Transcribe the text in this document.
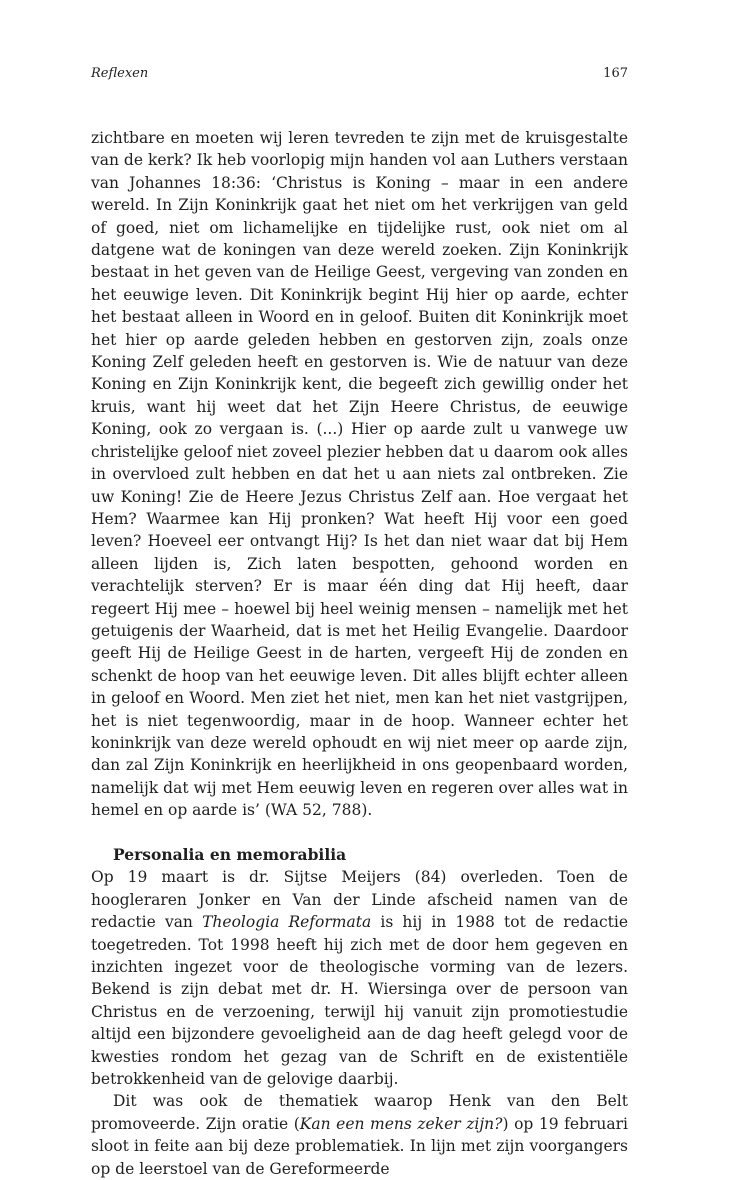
Reflexen	167

zichtbare en moeten wij leren tevreden te zijn met de kruisgestalte van de kerk? Ik heb voorlopig mijn handen vol aan Luthers verstaan van Johannes 18:36: ‘Christus is Koning – maar in een andere wereld. In Zijn Koninkrijk gaat het niet om het verkrijgen van geld of goed, niet om lichamelijke en tijdelijke rust, ook niet om al datgene wat de koningen van deze wereld zoeken. Zijn Koninkrijk bestaat in het geven van de Heilige Geest, vergeving van zonden en het eeuwige leven. Dit Koninkrijk begint Hij hier op aarde, echter het bestaat alleen in Woord en in geloof. Buiten dit Koninkrijk moet het hier op aarde geleden hebben en gestorven zijn, zoals onze Koning Zelf geleden heeft en gestorven is. Wie de natuur van deze Koning en Zijn Koninkrijk kent, die begeeft zich gewillig onder het kruis, want hij weet dat het Zijn Heere Christus, de eeuwige Koning, ook zo vergaan is. (...) Hier op aarde zult u vanwege uw christelijke geloof niet zoveel plezier hebben dat u daarom ook alles in overvloed zult hebben en dat het u aan niets zal ontbreken. Zie uw Koning! Zie de Heere Jezus Christus Zelf aan. Hoe vergaat het Hem? Waarmee kan Hij pronken? Wat heeft Hij voor een goed leven? Hoeveel eer ontvangt Hij? Is het dan niet waar dat bij Hem alleen lijden is, Zich laten bespotten, gehoond worden en verachtelijk sterven? Er is maar één ding dat Hij heeft, daar regeert Hij mee – hoewel bij heel weinig mensen – namelijk met het getuigenis der Waarheid, dat is met het Heilig Evangelie. Daardoor geeft Hij de Heilige Geest in de harten, vergeeft Hij de zonden en schenkt de hoop van het eeuwige leven. Dit alles blijft echter alleen in geloof en Woord. Men ziet het niet, men kan het niet vastgrijpen, het is niet tegenwoordig, maar in de hoop. Wanneer echter het koninkrijk van deze wereld ophoudt en wij niet meer op aarde zijn, dan zal Zijn Koninkrijk en heerlijkheid in ons geopenbaard worden, namelijk dat wij met Hem eeuwig leven en regeren over alles wat in hemel en op aarde is’ (WA 52, 788).

Personalia en memorabilia

Op 19 maart is dr. Sijtse Meijers (84) overleden. Toen de hoogleraren Jonker en Van der Linde afscheid namen van de redactie van Theologia Reformata is hij in 1988 tot de redactie toegetreden. Tot 1998 heeft hij zich met de door hem gegeven en inzichten ingezet voor de theologische vorming van de lezers. Bekend is zijn debat met dr. H. Wiersinga over de persoon van Christus en de verzoening, terwijl hij vanuit zijn promotiestudie altijd een bijzondere gevoeligheid aan de dag heeft gelegd voor de kwesties rondom het gezag van de Schrift en de existentiële betrokkenheid van de gelovige daarbij.

Dit was ook de thematiek waarop Henk van den Belt promoveerde. Zijn oratie (Kan een mens zeker zijn?) op 19 februari sloot in feite aan bij deze problematiek. In lijn met zijn voorgangers op de leerstoel van de Gereformeerde
